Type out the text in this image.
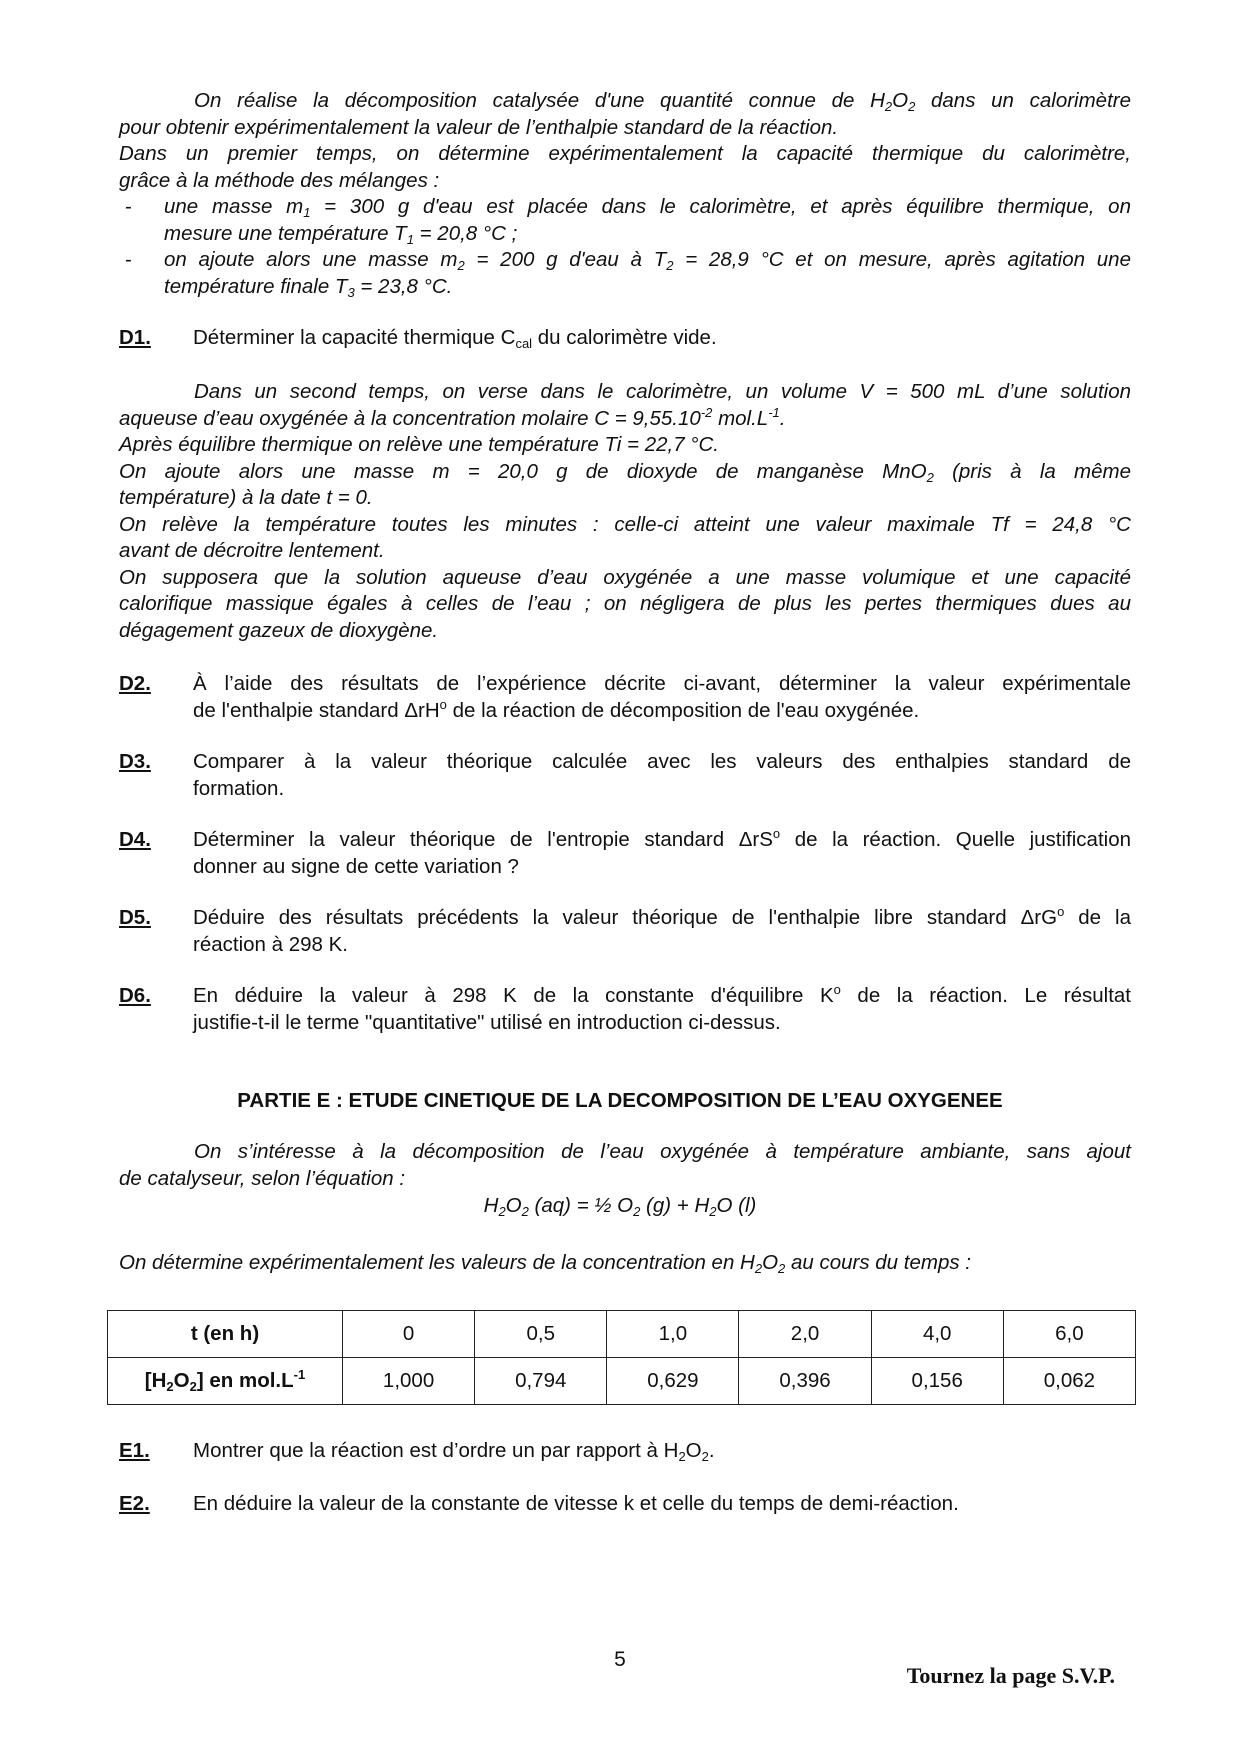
On réalise la décomposition catalysée d'une quantité connue de $H_2O_2$ dans un calorimètre
pour obtenir expérimentalement la valeur de l’enthalpie standard de la réaction.
Dans un premier temps, on détermine expérimentalement la capacité thermique du calorimètre,
grâce à la méthode des mélanges :
- une masse $m_1 = 300$ g d'eau est placée dans le calorimètre, et après équilibre thermique, on
mesure une température $T_1 = 20,8$ °C ;
- on ajoute alors une masse $m_2 = 200$ g d'eau à $T_2 = 28,9$ °C et on mesure, après agitation une
température finale $T_3 = 23,8$ °C.
D1. Déterminer la capacité thermique $C_{cal}$ du calorimètre vide.
Dans un second temps, on verse dans le calorimètre, un volume V = 500 mL d’une solution
aqueuse d’eau oxygénée à la concentration molaire $C = 9,55.10^{-2}$ $mol.L^{-1}$.
Après équilibre thermique on relève une température Ti = 22,7 °C.
On ajoute alors une masse m = 20,0 g de dioxyde de manganèse MnO$_2$ (pris à la même
température) à la date t = 0.
On relève la température toutes les minutes : celle-ci atteint une valeur maximale Tf = 24,8 °C
avant de décroitre lentement.
On supposera que la solution aqueuse d’eau oxygénée a une masse volumique et une capacité
calorifique massique égales à celles de l’eau ; on négligera de plus les pertes thermiques dues au
dégagement gazeux de dioxygène.
D2. À l’aide des résultats de l’expérience décrite ci-avant, déterminer la valeur expérimentale
de l'enthalpie standard ΔrH$^o$ de la réaction de décomposition de l'eau oxygénée.
D3. Comparer à la valeur théorique calculée avec les valeurs des enthalpies standard de
formation.
D4. Déterminer la valeur théorique de l'entropie standard ΔrS$^o$ de la réaction. Quelle justification
donner au signe de cette variation ?
D5. Déduire des résultats précédents la valeur théorique de l'enthalpie libre standard ΔrG$^o$ de la
réaction à 298 K.
D6. En déduire la valeur à 298 K de la constante d'équilibre $K^o$ de la réaction. Le résultat
justifie-t-il le terme "quantitative" utilisé en introduction ci-dessus.
PARTIE E : ETUDE CINETIQUE DE LA DECOMPOSITION DE L’EAU OXYGENEE
On s’intéresse à la décomposition de l’eau oxygénée à température ambiante, sans ajout
de catalyseur, selon l’équation :
$H_2O_2$ (aq) = ½ $O_2$ $(g) + H_2O$ (l)
On détermine expérimentalement les valeurs de la concentration en $H_2O_2$ au cours du temps :
t (en h)	0	0,5	1,0	2,0	4,0	6,0
$[H_2O_2]$ en $mol.L^{-1}$	1,000	0,794	0,629	0,396	0,156	0,062
E1. Montrer que la réaction est d’ordre un par rapport à $H_2O_2$.
E2. En déduire la valeur de la constante de vitesse k et celle du temps de demi-réaction.
5
Tournez la page S.V.P.
